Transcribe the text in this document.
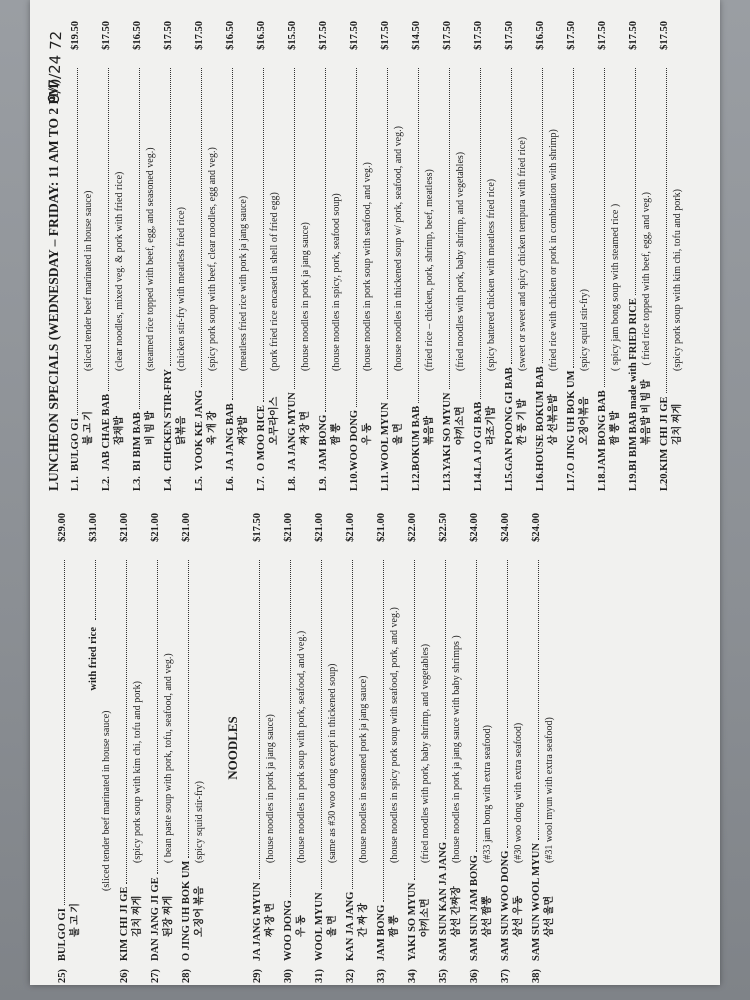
25)
BULGO GI
$29.00
불 고 기
with fried rice
$31.00
(sliced tender beef marinated in house sauce)
26)
KIM CHI JI GE
$21.00
김치 찌게
(spicy pork soup with kim chi, tofu and pork)
27)
DAN JANG JI GE
$21.00
된장 찌게
( bean paste soup with pork, tofu, seafood, and veg.)
28)
O JING UH BOK UM
$21.00
오징어 볶음
(spicy squid stir-fry)
NOODLES
29)
JA JANG MYUN
$17.50
짜 장 면
(house noodles in pork ja jang sauce)
30)
WOO DONG
$21.00
우 동
(house noodles in pork soup with pork, seafood, and veg.)
31)
WOOL MYUN
$21.00
울 면
(same as #30 woo dong except in thickened soup)
32)
KAN JA JANG
$21.00
간 짜 장
(house noodles in seasoned pork ja jang sauce)
33)
JAM BONG
$21.00
짬 뽕
(house noodles in spicy pork soup with seafood, pork, and veg.)
34)
YAKI SO MYUN
$22.00
야끼소면
(fried noodles with pork, baby shrimp, and vegetables)
35)
SAM SUN KAN JA JANG
$22.50
삼선 간짜장
(house noodles in pork ja jang sauce with baby shrimps )
36)
SAM SUN JAM BONG
$24.00
삼선 짬뽕
(#33 jam bong with extra seafood)
37)
SAM SUN WOO DONG
$24.00
삼선 우동
(#30 woo dong with extra seafood)
38)
SAM SUN WOOL MYUN
$24.00
삼선 울면
(#31 wool myun with extra seafood)
LUNCHEON SPECIALS (WEDNESDAY – FRIDAY: 11 AM TO 2 PM) L1.
BULGO GI
$19.50
불 고 기
(sliced tender beef marinated in house sauce)
L2.
JAB CHAE BAB
$17.50
잡채밥
(clear noodles, mixed veg. & pork with fried rice)
L3.
BI BIM BAB
$16.50
비 빔 밥
(steamed rice topped with beef, egg, and seasoned veg.)
L4.
CHICKEN STIR-FRY
$17.50
닭볶음
(chicken stir-fry with meatless fried rice)
L5.
YOOK KE JANG
$17.50
육 개 장
(spicy pork soup with beef, clear noodles, egg and veg.)
L6.
JA JANG BAB
$16.50
짜장밥
(meatless fried rice with pork ja jang sauce)
L7.
O MOO RICE
$16.50
오무라이스
(pork fried rice encased in shell of fried egg)
L8.
JA JANG MYUN
$15.50
짜 장 면
(house noodles in pork ja jang sauce)
L9.
JAM BONG
$17.50
짬 뽕
(house noodles in spicy, pork, seafood soup)
L10.
WOO DONG
$17.50
우 동
(house noodles in pork soup with seafood, and veg.)
L11.
WOOL MYUN
$17.50
울 면
(house noodles in thickened soup w/ pork, seafood, and veg.)
L12.
BOKUM BAB
$14.50
볶음밥
(fried rice – chicken, pork, shrimp, beef, meatless)
L13.
YAKI SO MYUN
$17.50
야끼소면
(fried noodles with pork, baby shrimp, and vegetables)
L14.
LA JO GI BAB
$17.50
라조기밥
(spicy battered chicken with meatless fried rice)
L15.
GAN POONG GI BAB
$17.50
깐 풍 기 밥
(sweet or sweet and spicy chicken tempura with fried rice)
L16.
HOUSE BOKUM BAB
$16.50
삼 선볶음밥
(fried rice with chicken or pork in combination with shrimp)
L17.
O JING UH BOK UM
$17.50
오징어볶음
(spicy squid stir-fry)
L18.
JAM BONG BAB
$17.50
짬 뽕 밥
( spicy jam bong soup with steamed rice )
L19.
BI BIM BAB made with FRIED RICE
$17.50
볶음밥 비 빔 밥
( fried rice topped with beef, egg, and veg.)
L20.
KIM CHI JI GE
$17.50
김치 찌게
(spicy pork soup with kim chi, tofu and pork)
9/7/24 72
